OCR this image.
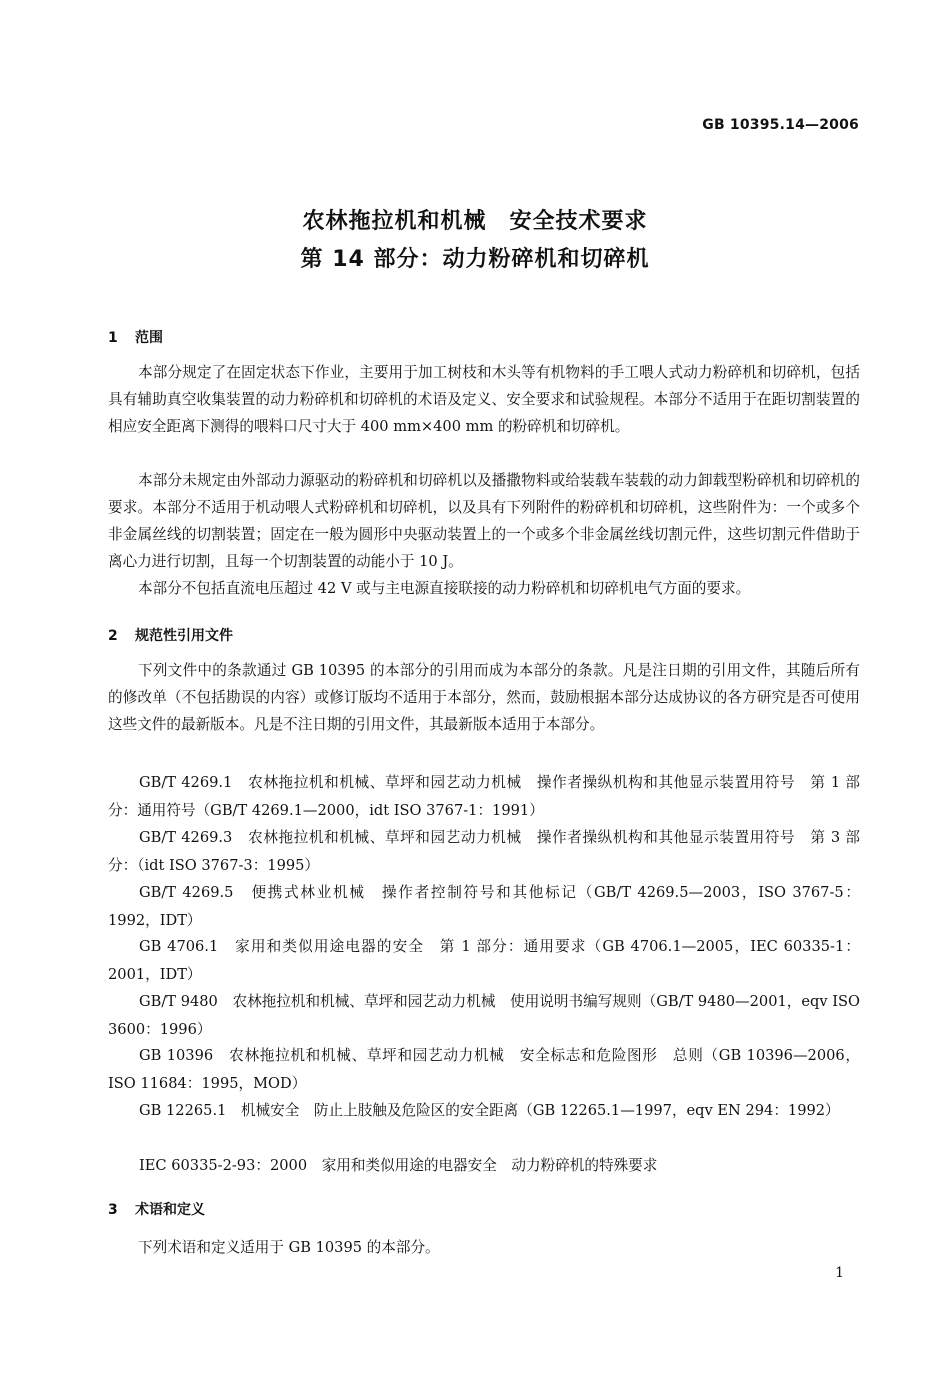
GB 10395.14—2006
农林拖拉机和机械　安全技术要求
第 14 部分：动力粉碎机和切碎机
1 范围

本部分规定了在固定状态下作业，主要用于加工树枝和木头等有机物料的手工喂人式动力粉碎机和切碎机，包括具有辅助真空收集装置的动力粉碎机和切碎机的术语及定义、安全要求和试验规程。本部分不适用于在距切割装置的相应安全距离下测得的喂料口尺寸大于 400 mm×400 mm 的粉碎机和切碎机。

本部分未规定由外部动力源驱动的粉碎机和切碎机以及播撒物料或给装载车装载的动力卸载型粉碎机和切碎机的要求。本部分不适用于机动喂人式粉碎机和切碎机，以及具有下列附件的粉碎机和切碎机，这些附件为：一个或多个非金属丝线的切割装置；固定在一般为圆形中央驱动装置上的一个或多个非金属丝线切割元件，这些切割元件借助于离心力进行切割，且每一个切割装置的动能小于 10 J。

本部分不包括直流电压超过 42 V 或与主电源直接联接的动力粉碎机和切碎机电气方面的要求。

2 规范性引用文件

下列文件中的条款通过 GB 10395 的本部分的引用而成为本部分的条款。凡是注日期的引用文件，其随后所有的修改单（不包括勘误的内容）或修订版均不适用于本部分，然而，鼓励根据本部分达成协议的各方研究是否可使用这些文件的最新版本。凡是不注日期的引用文件，其最新版本适用于本部分。

GB/T 4269.1　农林拖拉机和机械、草坪和园艺动力机械　操作者操纵机构和其他显示装置用符号　第 1 部分：通用符号（GB/T 4269.1—2000，idt ISO 3767-1：1991）

GB/T 4269.3　农林拖拉机和机械、草坪和园艺动力机械　操作者操纵机构和其他显示装置用符号　第 3 部分：（idt ISO 3767-3：1995）

GB/T 4269.5　便携式林业机械　操作者控制符号和其他标记（GB/T 4269.5—2003，ISO 3767-5：1992，IDT）

GB 4706.1　家用和类似用途电器的安全　第 1 部分：通用要求（GB 4706.1—2005，IEC 60335-1：2001，IDT）

GB/T 9480　农林拖拉机和机械、草坪和园艺动力机械　使用说明书编写规则（GB/T 9480—2001，eqv ISO 3600：1996）

GB 10396　农林拖拉机和机械、草坪和园艺动力机械　安全标志和危险图形　总则（GB 10396—2006，ISO 11684：1995，MOD）

GB 12265.1　机械安全　防止上肢触及危险区的安全距离（GB 12265.1—1997，eqv EN 294：1992）

IEC 60335-2-93：2000　家用和类似用途的电器安全　动力粉碎机的特殊要求

3 术语和定义

下列术语和定义适用于 GB 10395 的本部分。

1
